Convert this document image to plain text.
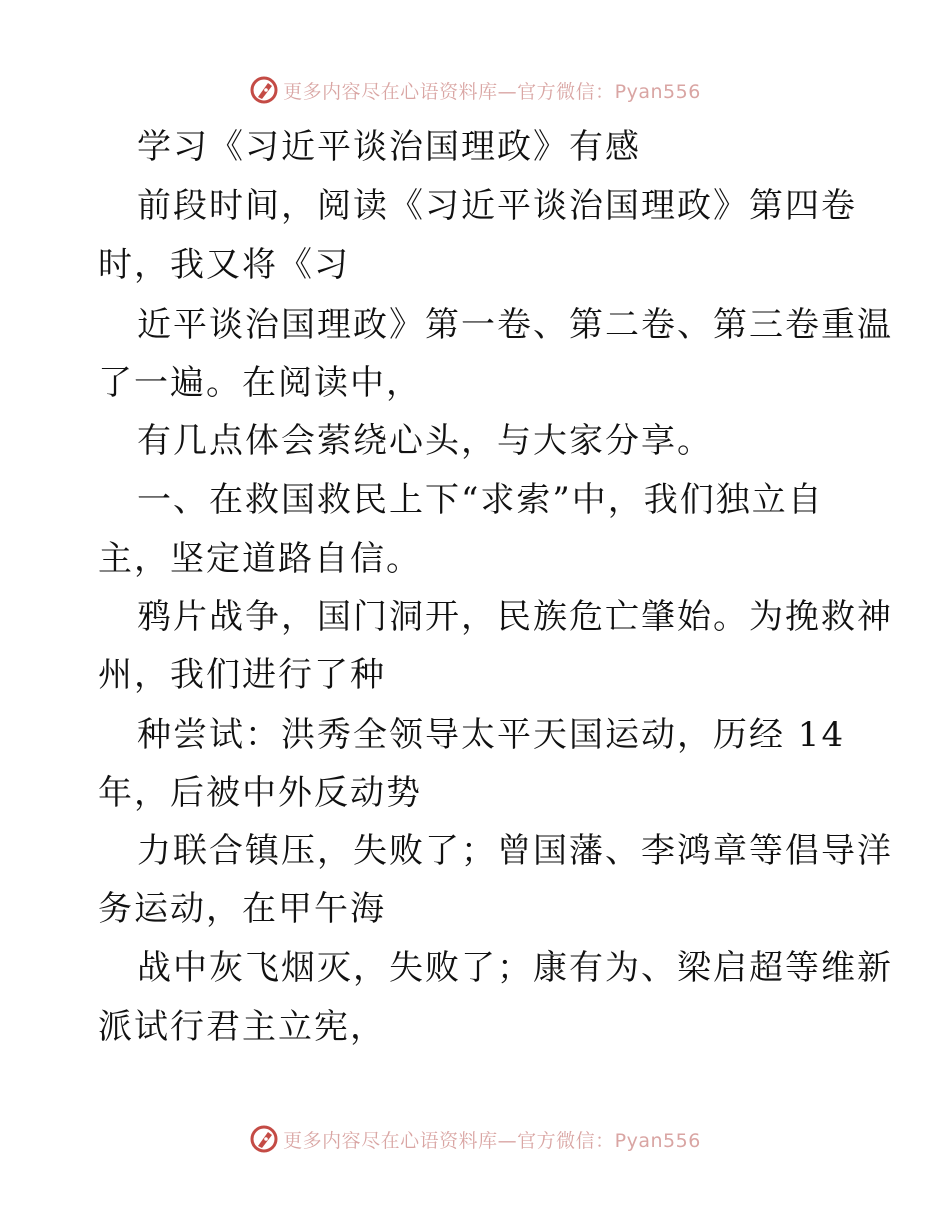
更多内容尽在心语资料库—官方微信：Pyan556
学习《习近平谈治国理政》有感
前段时间，阅读《习近平谈治国理政》第四卷
时，我又将《习
近平谈治国理政》第一卷、第二卷、第三卷重温
了一遍。在阅读中，
有几点体会萦绕心头，与大家分享。
一、在救国救民上下“求索”中，我们独立自
主，坚定道路自信。
鸦片战争，国门洞开，民族危亡肇始。为挽救神
州，我们进行了种
种尝试：洪秀全领导太平天国运动，历经 14
年，后被中外反动势
力联合镇压，失败了；曾国藩、李鸿章等倡导洋
务运动，在甲午海
战中灰飞烟灭，失败了；康有为、梁启超等维新
派试行君主立宪，
更多内容尽在心语资料库—官方微信：Pyan556
